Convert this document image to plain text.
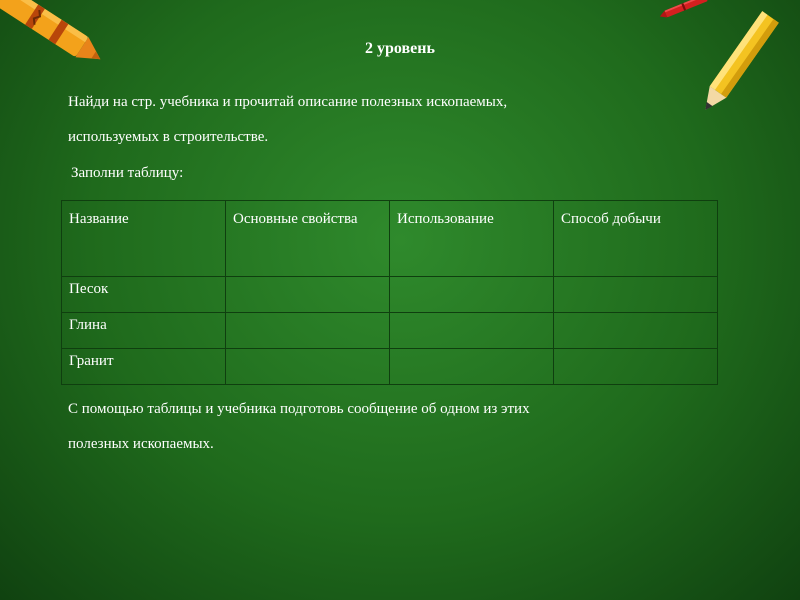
2 уровень
Найди на стр. учебника и прочитай описание полезных ископаемых,
используемых в строительстве.
Заполни таблицу:
Название	Основные свойства	Использование	Способ добычи
Песок			
Глина			
Гранит			
С помощью таблицы и учебника подготовь сообщение об одном из этих
полезных ископаемых.
